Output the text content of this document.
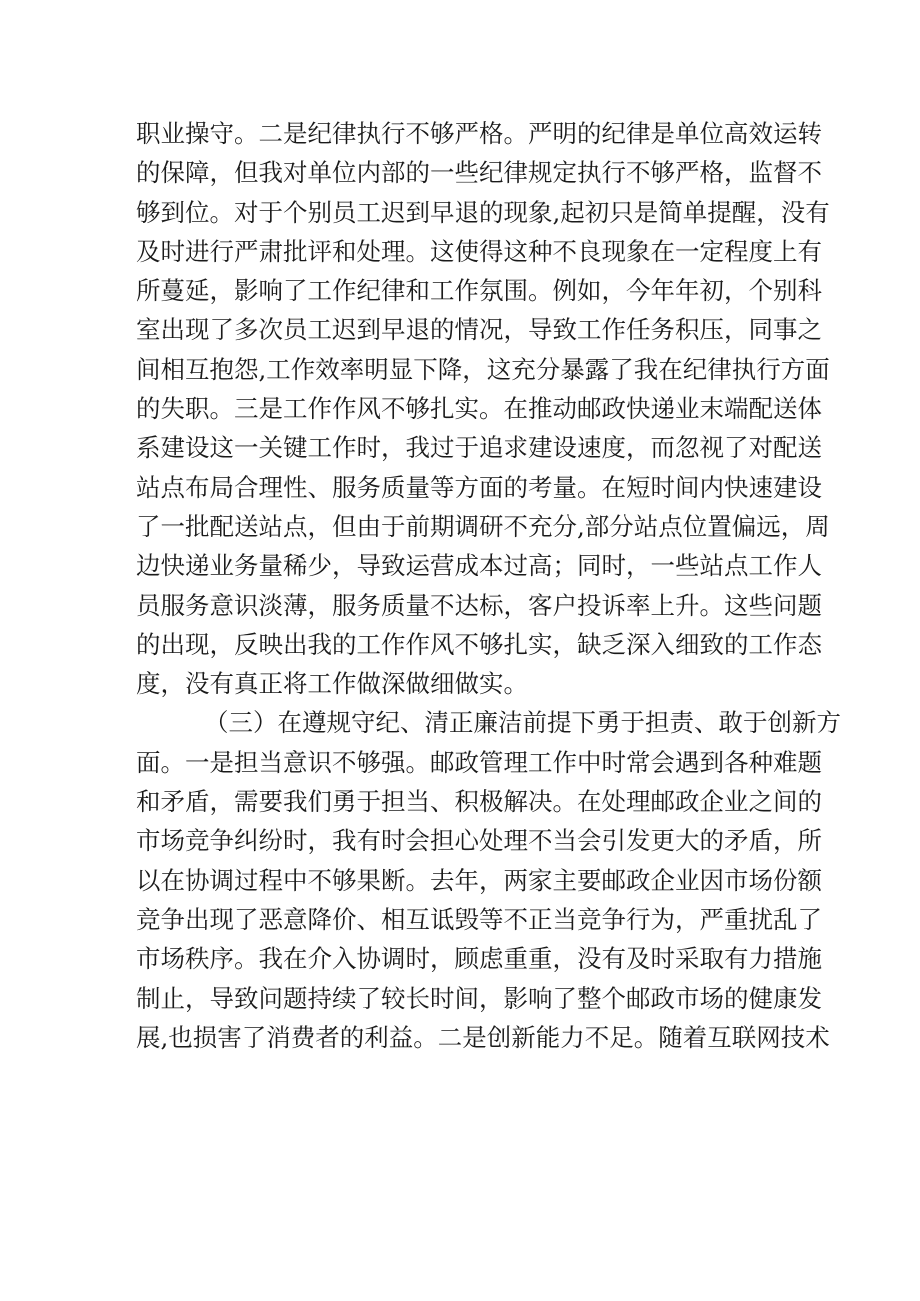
职业操守。二是纪律执行不够严格。严明的纪律是单位高效运转
的保障，但我对单位内部的一些纪律规定执行不够严格，监督不
够到位。对于个别员工迟到早退的现象,起初只是简单提醒，没有
及时进行严肃批评和处理。这使得这种不良现象在一定程度上有
所蔓延，影响了工作纪律和工作氛围。例如，今年年初，个别科
室出现了多次员工迟到早退的情况，导致工作任务积压，同事之
间相互抱怨,工作效率明显下降，这充分暴露了我在纪律执行方面
的失职。三是工作作风不够扎实。在推动邮政快递业末端配送体
系建设这一关键工作时，我过于追求建设速度，而忽视了对配送
站点布局合理性、服务质量等方面的考量。在短时间内快速建设
了一批配送站点，但由于前期调研不充分,部分站点位置偏远，周
边快递业务量稀少，导致运营成本过高；同时，一些站点工作人
员服务意识淡薄，服务质量不达标，客户投诉率上升。这些问题
的出现，反映出我的工作作风不够扎实，缺乏深入细致的工作态
度，没有真正将工作做深做细做实。
（三）在遵规守纪、清正廉洁前提下勇于担责、敢于创新方
面。一是担当意识不够强。邮政管理工作中时常会遇到各种难题
和矛盾，需要我们勇于担当、积极解决。在处理邮政企业之间的
市场竞争纠纷时，我有时会担心处理不当会引发更大的矛盾，所
以在协调过程中不够果断。去年，两家主要邮政企业因市场份额
竞争出现了恶意降价、相互诋毁等不正当竞争行为，严重扰乱了
市场秩序。我在介入协调时，顾虑重重，没有及时采取有力措施
制止，导致问题持续了较长时间，影响了整个邮政市场的健康发
展,也损害了消费者的利益。二是创新能力不足。随着互联网技术
